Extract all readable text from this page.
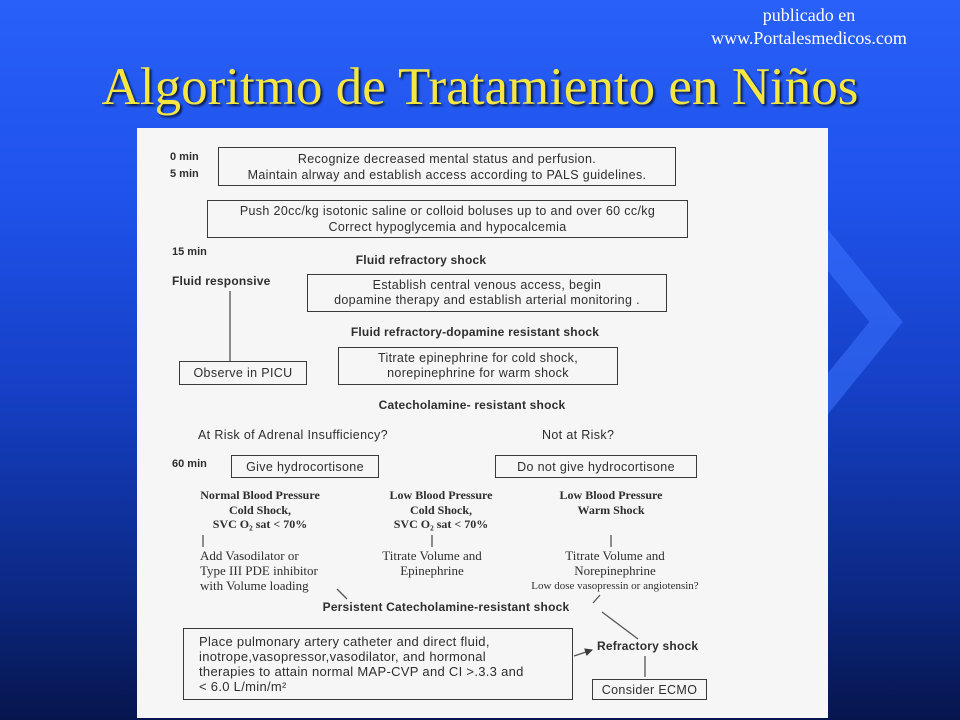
publicado en
www.Portalesmedicos.com
Algoritmo de Tratamiento en Niños
0 min
5 min
15 min
60 min
Recognize decreased mental status and perfusion.
Maintain alrway and establish access according to PALS guidelines.
Push 20cc/kg isotonic saline or colloid boluses up to and over 60 cc/kg
Correct hypoglycemia and hypocalcemia
Fluid refractory shock
Fluid responsive	Establish central venous access, begin
dopamine therapy and establish arterial monitoring .
Fluid refractory-dopamine resistant shock
Observe in PICU
Titrate epinephrine for cold shock,
norepinephrine for warm shock
Catecholamine- resistant shock
At Risk of Adrenal Insufficiency?	Not at Risk?
Give hydrocortisone	Do not give hydrocortisone
Normal Blood Pressure
Cold Shock,
SVC O₂ sat < 70%
Low Blood Pressure
Cold Shock,
SVC O₂ sat < 70%
Low Blood Pressure
Warm Shock
Add Vasodilator or
Type III PDE inhibitor
with Volume loading
Titrate Volume and
Epinephrine
Titrate Volume and
Norepinephrine
Low dose vasopressin or angiotensin?
Persistent Catecholamine-resistant shock
Place pulmonary artery catheter and direct fluid,
inotrope,vasopressor,vasodilator, and hormonal
therapies to attain normal MAP-CVP and CI >.3.3 and
< 6.0 L/min/m²
Refractory shock
Consider ECMO
